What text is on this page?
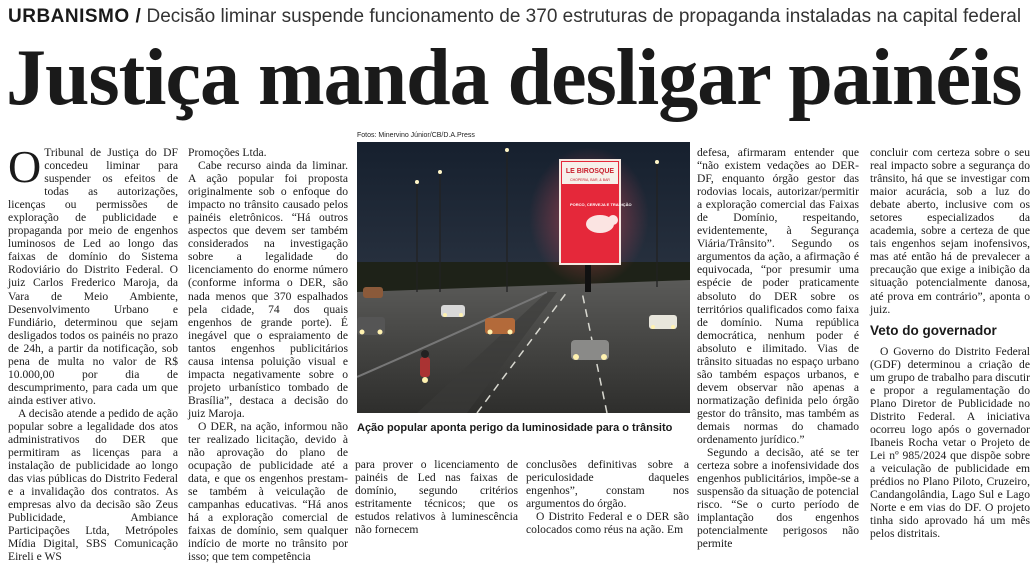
URBANISMO / Decisão liminar suspende funcionamento de 370 estruturas de propaganda instaladas na capital federal
Justiça manda desligar painéis

O Tribunal de Justiça do DF concedeu liminar para suspender os efeitos de todas as autorizações, licenças ou permissões de exploração de publicidade e propaganda por meio de engenhos luminosos de Led ao longo das faixas de domínio do Sistema Rodoviário do Distrito Federal. O juiz Carlos Frederico Maroja, da Vara de Meio Ambiente, Desenvolvimento Urbano e Fundiário, determinou que sejam desligados todos os painéis no prazo de 24h, a partir da notificação, sob pena de multa no valor de R$ 10.000,00 por dia de descumprimento, para cada um que ainda estiver ativo.

A decisão atende a pedido de ação popular sobre a legalidade dos atos administrativos do DER que permitiram as licenças para a instalação de publicidade ao longo das vias públicas do Distrito Federal e a invalidação dos contratos. As empresas alvo da decisão são Zeus Publicidade, Ambiance Participações Ltda, Metrópoles Mídia Digital, SBS Comunicação Eireli e WS

Promoções Ltda.

Cabe recurso ainda da liminar. A ação popular foi proposta originalmente sob o enfoque do impacto no trânsito causado pelos painéis eletrônicos. “Há outros aspectos que devem ser também considerados na investigação sobre a legalidade do licenciamento do enorme número (conforme informa o DER, são nada menos que 370 espalhados pela cidade, 74 dos quais engenhos de grande porte). É inegável que o espraiamento de tantos engenhos publicitários causa intensa poluição visual e impacta negativamente sobre o projeto urbanístico tombado de Brasília”, destaca a decisão do juiz Maroja.

O DER, na ação, informou não ter realizado licitação, devido à não aprovação do plano de ocupação de publicidade até a data, e que os engenhos prestam-se também à veiculação de campanhas educativas. “Há anos há a exploração comercial de faixas de domínio, sem qualquer indício de morte no trânsito por isso; que tem competência

Fotos: Minervino Júnior/CB/D.A.Press
LE BIROSQUE
CHOPERIA, BAR, & BAR
PORCO, CERVEJA E TRADIÇÃO
Ação popular aponta perigo da luminosidade para o trânsito

para prover o licenciamento de painéis de Led nas faixas de domínio, segundo critérios estritamente técnicos; que os estudos relativos à luminescência não fornecem

conclusões definitivas sobre a periculosidade daqueles engenhos”, constam nos argumentos do órgão.

O Distrito Federal e o DER são colocados como réus na ação. Em

defesa, afirmaram entender que “não existem vedações ao DER-DF, enquanto órgão gestor das rodovias locais, autorizar/permitir a exploração comercial das Faixas de Domínio, respeitando, evidentemente, à Segurança Viária/Trânsito”. Segundo os argumentos da ação, a afirmação é equivocada, “por presumir uma espécie de poder praticamente absoluto do DER sobre os territórios qualificados como faixa de domínio. Numa república democrática, nenhum poder é absoluto e ilimitado. Vias de trânsito situadas no espaço urbano são também espaços urbanos, e devem observar não apenas a normatização definida pelo órgão gestor do trânsito, mas também as demais normas do chamado ordenamento jurídico.”

Segundo a decisão, até se ter certeza sobre a inofensividade dos engenhos publicitários, impõe-se a suspensão da situação de potencial risco. “Se o curto período de implantação dos engenhos potencialmente perigosos não permite

concluir com certeza sobre o seu real impacto sobre a segurança do trânsito, há que se investigar com maior acurácia, sob a luz do debate aberto, inclusive com os setores especializados da academia, sobre a certeza de que tais engenhos sejam inofensivos, mas até então há de prevalecer a precaução que exige a inibição da situação potencialmente danosa, até prova em contrário”, aponta o juiz.

Veto do governador

O Governo do Distrito Federal (GDF) determinou a criação de um grupo de trabalho para discutir e propor a regulamentação do Plano Diretor de Publicidade no Distrito Federal. A iniciativa ocorreu logo após o governador Ibaneis Rocha vetar o Projeto de Lei nº 985/2024 que dispõe sobre a veiculação de publicidade em prédios no Plano Piloto, Cruzeiro, Candangolândia, Lago Sul e Lago Norte e em vias do DF. O projeto tinha sido aprovado há um mês pelos distritais.
